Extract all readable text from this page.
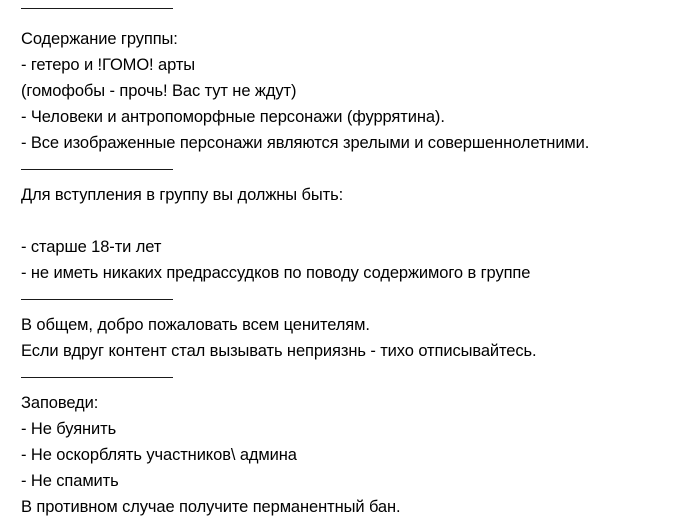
Содержание группы:
- гетеро и !ГОМО! арты
(гомофобы - прочь! Вас тут не ждут)
- Человеки и антропоморфные персонажи (фуррятина).
- Все изображенные персонажи являются зрелыми и совершеннолетними.
Для вступления в группу вы должны быть:
- старше 18-ти лет
- не иметь никаких предрассудков по поводу содержимого в группе
В общем, добро пожаловать всем ценителям.
Если вдруг контент стал вызывать неприязнь - тихо отписывайтесь.
Заповеди:
- Не буянить
- Не оскорблять участников\ админа
- Не спамить
В противном случае получите перманентный бан.
